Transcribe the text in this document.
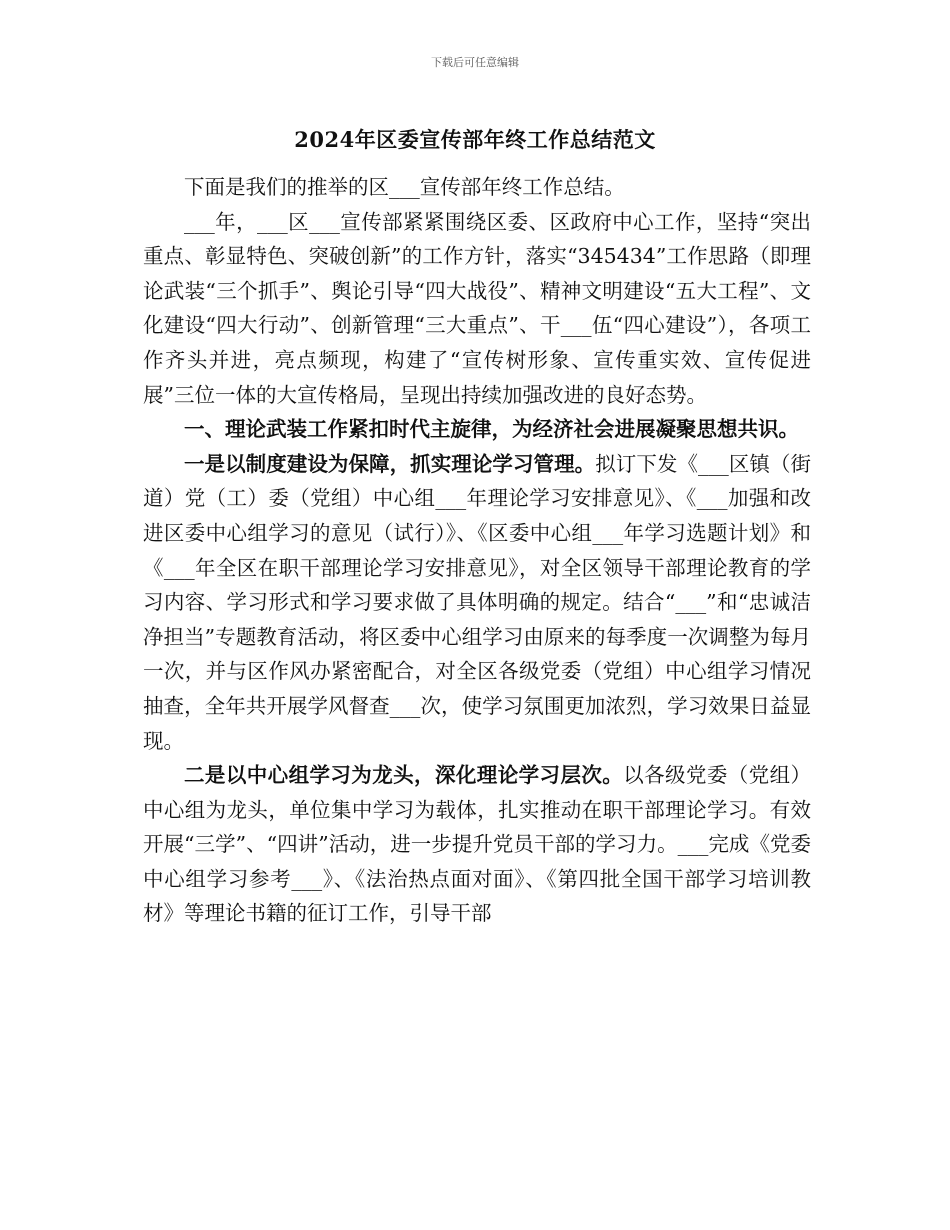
下载后可任意编辑
2024年区委宣传部年终工作总结范文

下面是我们的推举的区___宣传部年终工作总结。

___年，___区___宣传部紧紧围绕区委、区政府中心工作，坚持“突出重点、彰显特色、突破创新”的工作方针，落实“345434”工作思路（即理论武装“三个抓手”、舆论引导“四大战役”、精神文明建设“五大工程”、文化建设“四大行动”、创新管理“三大重点”、干___伍“四心建设”），各项工作齐头并进，亮点频现，构建了“宣传树形象、宣传重实效、宣传促进展”三位一体的大宣传格局，呈现出持续加强改进的良好态势。

一、理论武装工作紧扣时代主旋律，为经济社会进展凝聚思想共识。

一是以制度建设为保障，抓实理论学习管理。拟订下发《___区镇（街道）党（工）委（党组）中心组___年理论学习安排意见》、《___加强和改进区委中心组学习的意见（试行）》、《区委中心组___年学习选题计划》和《___年全区在职干部理论学习安排意见》，对全区领导干部理论教育的学习内容、学习形式和学习要求做了具体明确的规定。结合“___”和“忠诚洁净担当”专题教育活动，将区委中心组学习由原来的每季度一次调整为每月一次，并与区作风办紧密配合，对全区各级党委（党组）中心组学习情况抽查，全年共开展学风督查___次，使学习氛围更加浓烈，学习效果日益显现。

二是以中心组学习为龙头，深化理论学习层次。以各级党委（党组）中心组为龙头，单位集中学习为载体，扎实推动在职干部理论学习。有效开展“三学”、“四讲”活动，进一步提升党员干部的学习力。___完成《党委中心组学习参考___》、《法治热点面对面》、《第四批全国干部学习培训教材》等理论书籍的征订工作，引导干部
